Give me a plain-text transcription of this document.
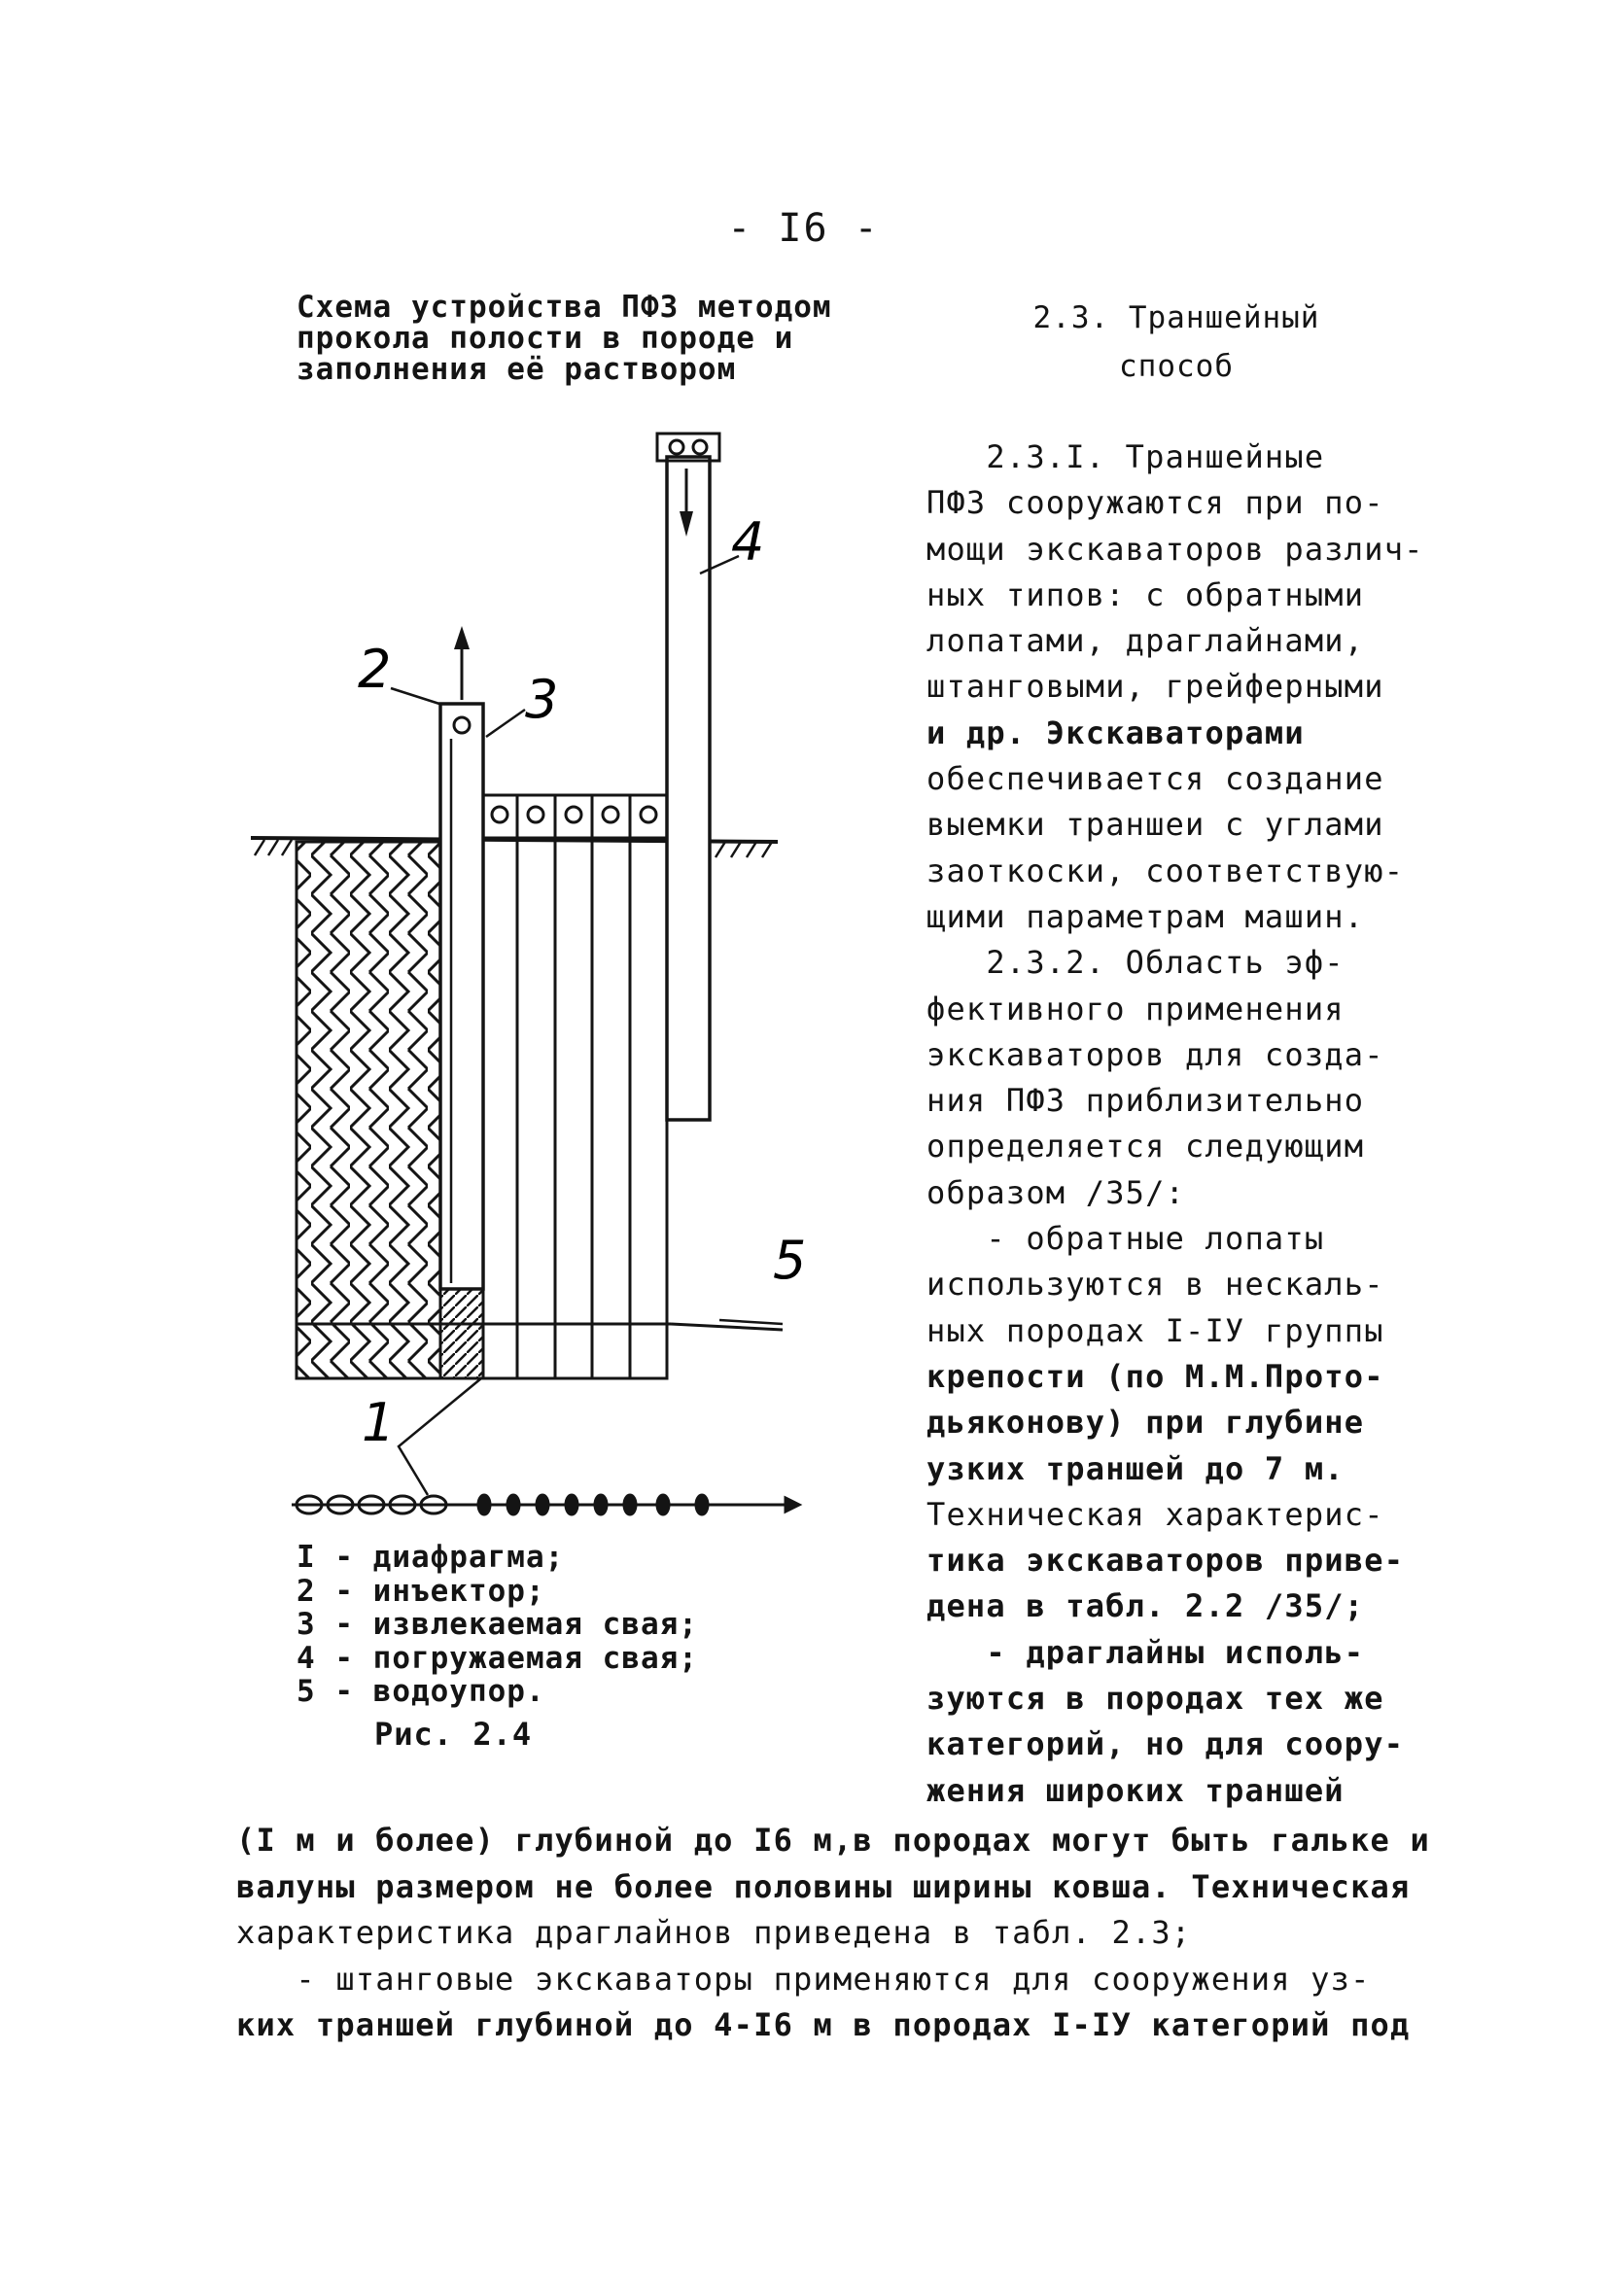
- I6 -
Схема устройства ПФЗ методом
прокола полости в породе и
заполнения её раствором
2.3. Траншейный
способ
2	3
4
5
1
I - диафрагма;
2 - инъектор;
3 - извлекаемая свая;
4 - погружаемая свая;
5 - водоупор.
Рис. 2.4
2.3.I. Траншейные
ПФЗ сооружаются при по-
мощи экскаваторов различ-
ных типов: с обратными
лопатами, драглайнами,
штанговыми, грейферными
и др. Экскаваторами
обеспечивается создание
выемки траншеи с углами
заоткоски, соответствую-
щими параметрам машин.
2.3.2. Область эф-
фективного применения
экскаваторов для созда-
ния ПФЗ приблизительно
определяется следующим
образом /35/:
- обратные лопаты
используются в нескаль-
ных породах I-IУ группы
крепости (по М.М.Прото-
дьяконову) при глубине
узких траншей до 7 м.
Техническая характерис-
тика экскаваторов приве-
дена в табл. 2.2 /35/;
- драглайны исполь-
зуются в породах тех же
категорий, но для соору-
жения широких траншей
(I м и более) глубиной до I6 м,в породах могут быть гальке и
валуны размером не более половины ширины ковша. Техническая
характеристика драглайнов приведена в табл. 2.3;
- штанговые экскаваторы применяются для сооружения уз-
ких траншей глубиной до 4-I6 м в породах I-IУ категорий под
